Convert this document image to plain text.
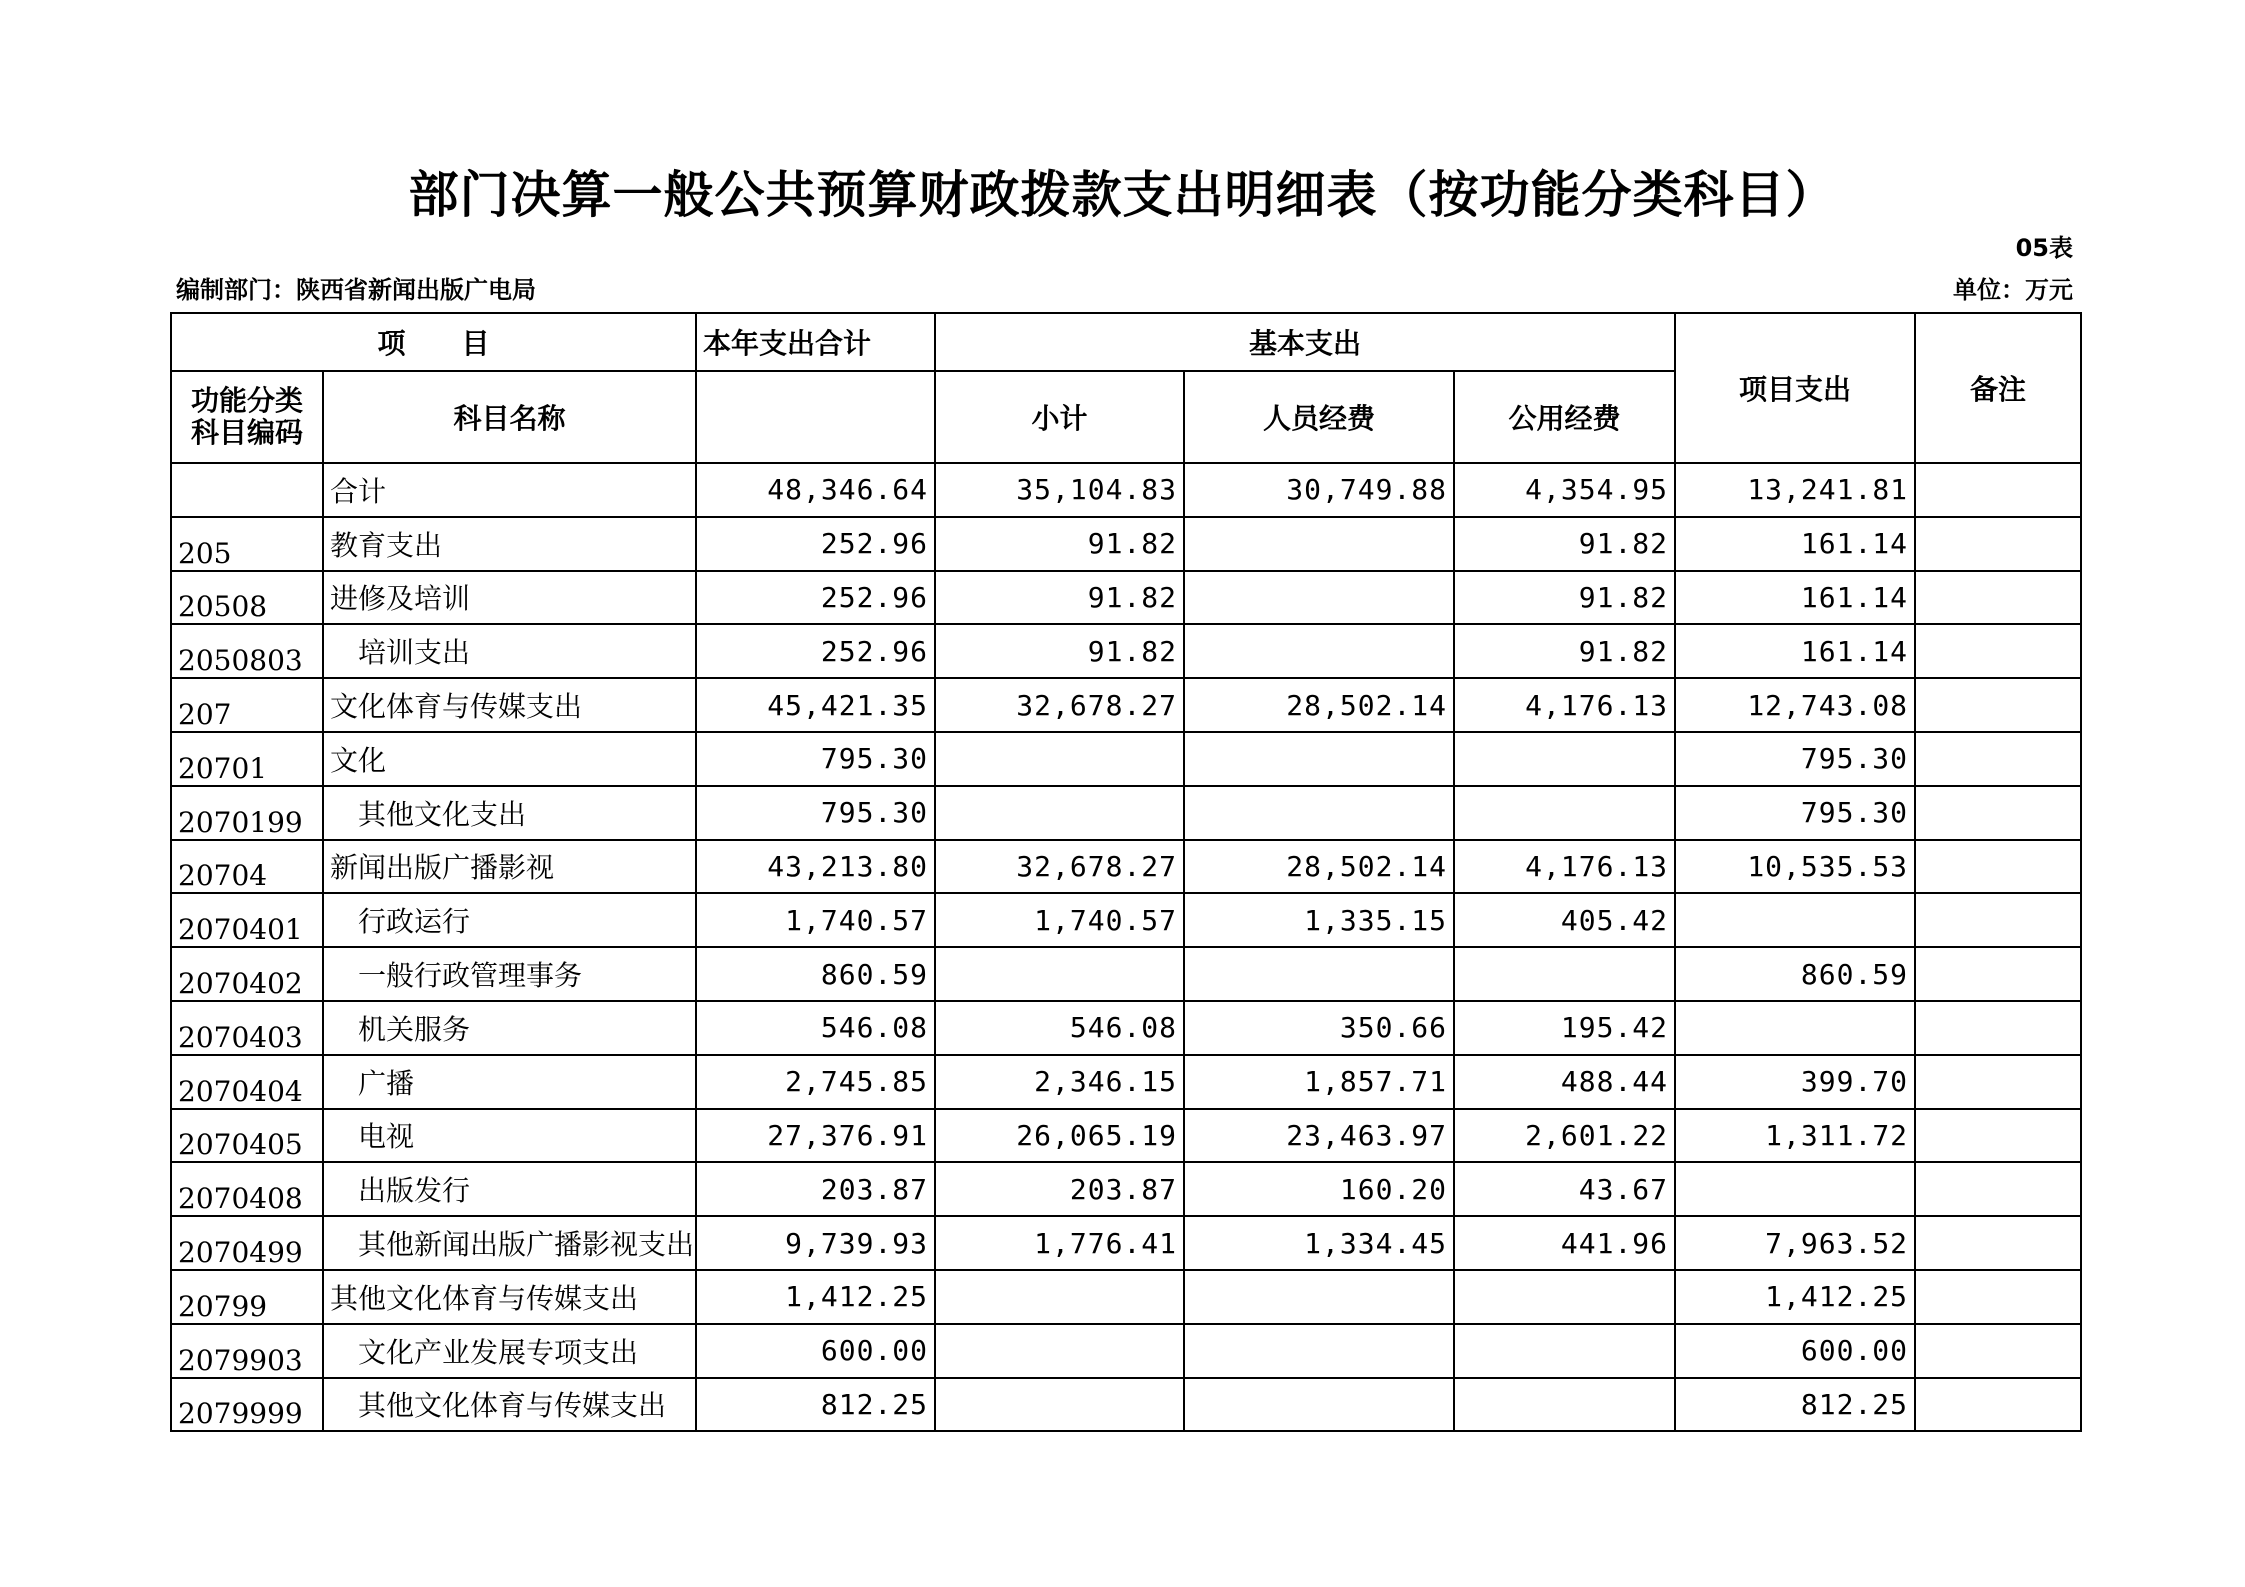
部门决算一般公共预算财政拨款支出明细表（按功能分类科目）
05表
编制部门：陕西省新闻出版广电局	单位：万元
项　　目		本年支出合计	基本支出			项目支出	备注
功能分类科目编码	科目名称		小计	人员经费	公用经费		
	合计	48,346.64	35,104.83	30,749.88	4,354.95	13,241.81	
205	教育支出	252.96	91.82		91.82	161.14	
20508	进修及培训	252.96	91.82		91.82	161.14	
2050803	培训支出	252.96	91.82		91.82	161.14	
207	文化体育与传媒支出	45,421.35	32,678.27	28,502.14	4,176.13	12,743.08	
20701	文化	795.30				795.30	
2070199	其他文化支出	795.30				795.30	
20704	新闻出版广播影视	43,213.80	32,678.27	28,502.14	4,176.13	10,535.53	
2070401	行政运行	1,740.57	1,740.57	1,335.15	405.42		
2070402	一般行政管理事务	860.59				860.59	
2070403	机关服务	546.08	546.08	350.66	195.42		
2070404	广播	2,745.85	2,346.15	1,857.71	488.44	399.70	
2070405	电视	27,376.91	26,065.19	23,463.97	2,601.22	1,311.72	
2070408	出版发行	203.87	203.87	160.20	43.67		
2070499	其他新闻出版广播影视支出	9,739.93	1,776.41	1,334.45	441.96	7,963.52	
20799	其他文化体育与传媒支出	1,412.25				1,412.25	
2079903	文化产业发展专项支出	600.00				600.00	
2079999	其他文化体育与传媒支出	812.25				812.25	
